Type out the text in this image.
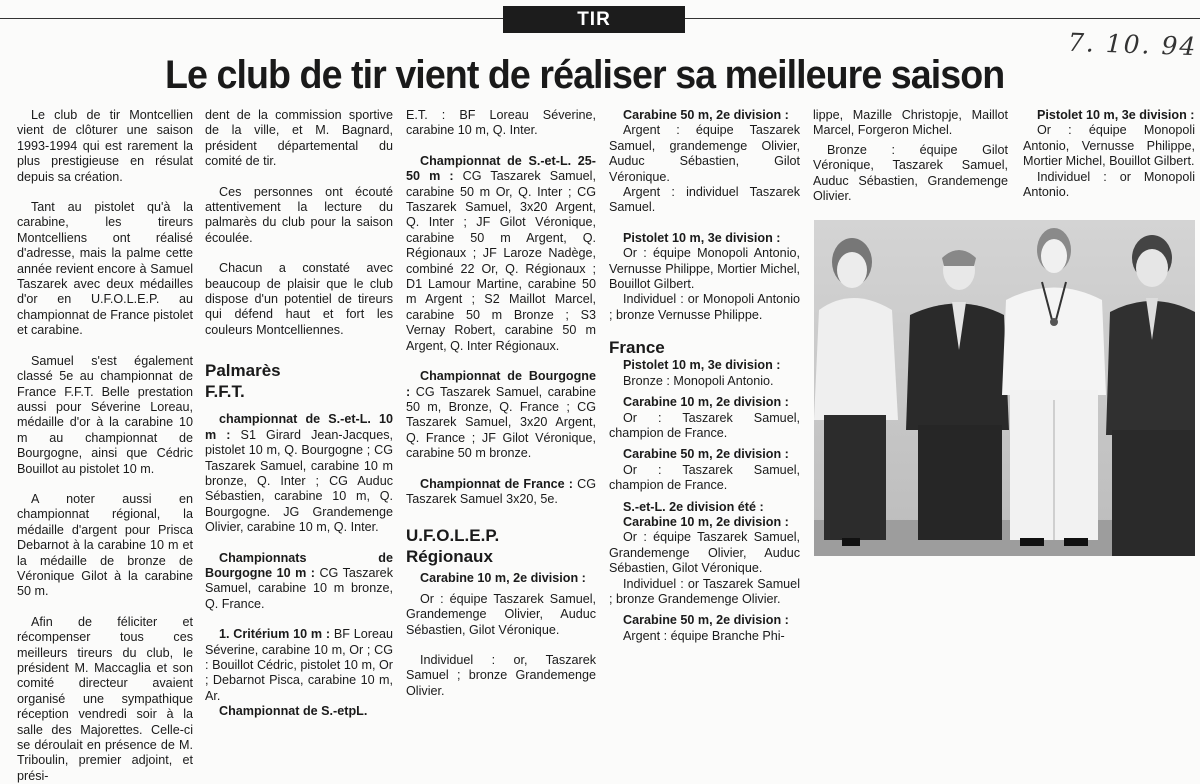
TIR
7. 10. 94
Le club de tir vient de réaliser sa meilleure saison

Le club de tir Montcellien vient de clôturer une saison 1993-1994 qui est rarement la plus prestigieuse en résulat depuis sa création.

Tant au pistolet qu'à la carabine, les tireurs Montcelliens ont réalisé d'adresse, mais la palme cette année revient encore à Samuel Taszarek avec deux médailles d'or en U.F.O.L.E.P. au championnat de France pistolet et carabine.

Samuel s'est également classé 5e au championnat de France F.F.T. Belle prestation aussi pour Séverine Loreau, médaille d'or à la carabine 10 m au championnat de Bourgogne, ainsi que Cédric Bouillot au pistolet 10 m.

A noter aussi en championnat régional, la médaille d'argent pour Prisca Debarnot à la carabine 10 m et la médaille de bronze de Véronique Gilot à la carabine 50 m.

Afin de féliciter et récompenser tous ces meilleurs tireurs du club, le président M. Maccaglia et son comité directeur avaient organisé une sympathique réception vendredi soir à la salle des Majorettes. Celle-ci se déroulait en présence de M. Triboulin, premier adjoint, et prési-

dent de la commission sportive de la ville, et M. Bagnard, président départemental du comité de tir.

Ces personnes ont écouté attentivement la lecture du palmarès du club pour la saison écoulée.

Chacun a constaté avec beaucoup de plaisir que le club dispose d'un potentiel de tireurs qui défend haut et fort les couleurs Montcelliennes.

Palmarès

F.F.T.

championnat de S.-et-L. 10 m : S1 Girard Jean-Jacques, pistolet 10 m, Q. Bourgogne ; CG Taszarek Samuel, carabine 10 m bronze, Q. Inter ; CG Auduc Sébastien, carabine 10 m, Q. Bourgogne. JG Grandemenge Olivier, carabine 10 m, Q. Inter.

Championnats de Bourgogne 10 m : CG Taszarek Samuel, carabine 10 m bronze, Q. France.

1. Critérium 10 m : BF Loreau Séverine, carabine 10 m, Or ; CG : Bouillot Cédric, pistolet 10 m, Or ; Debarnot Pisca, carabine 10 m, Ar.

Championnat de S.-etpL.

E.T. : BF Loreau Séverine, carabine 10 m, Q. Inter.

Championnat de S.-et-L. 25-50 m : CG Taszarek Samuel, carabine 50 m Or, Q. Inter ; CG Taszarek Samuel, 3x20 Argent, Q. Inter ; JF Gilot Véronique, carabine 50 m Argent, Q. Régionaux ; JF Laroze Nadège, combiné 22 Or, Q. Régionaux ; D1 Lamour Martine, carabine 50 m Argent ; S2 Maillot Marcel, carabine 50 m Bronze ; S3 Vernay Robert, carabine 50 m Argent, Q. Inter Régionaux.

Championnat de Bourgogne : CG Taszarek Samuel, carabine 50 m, Bronze, Q. France ; CG Taszarek Samuel, 3x20 Argent, Q. France ; JF Gilot Véronique, carabine 50 m bronze.

Championnat de France : CG Taszarek Samuel 3x20, 5e.

U.F.O.L.E.P.

Régionaux

Carabine 10 m, 2e division :

Or : équipe Taszarek Samuel, Grandemenge Olivier, Auduc Sébastien, Gilot Véronique.

Individuel : or, Taszarek Samuel ; bronze Grandemenge Olivier.

Carabine 50 m, 2e division :

Argent : équipe Taszarek Samuel, grandemenge Olivier, Auduc Sébastien, Gilot Véronique.

Argent : individuel Taszarek Samuel.

Pistolet 10 m, 3e division :

Or : équipe Monopoli Antonio, Vernusse Philippe, Mortier Michel, Bouillot Gilbert.

Individuel : or Monopoli Antonio ; bronze Vernusse Philippe.

France

Pistolet 10 m, 3e division :

Bronze : Monopoli Antonio.

Carabine 10 m, 2e division :

Or : Taszarek Samuel, champion de France.

Carabine 50 m, 2e division :

Or : Taszarek Samuel, champion de France.

S.-et-L. 2e division été :

Carabine 10 m, 2e division :

Or : équipe Taszarek Samuel, Grandemenge Olivier, Auduc Sébastien, Gilot Véronique.

Individuel : or Taszarek Samuel ; bronze Grandemenge Olivier.

Carabine 50 m, 2e division :

Argent : équipe Branche Phi-

lippe, Mazille Christopje, Maillot Marcel, Forgeron Michel.

Bronze : équipe Gilot Véronique, Taszarek Samuel, Auduc Sébastien, Grandemenge Olivier.

Pistolet 10 m, 3e division :

Or : équipe Monopoli Antonio, Vernusse Philippe, Mortier Michel, Bouillot Gilbert.

Individuel : or Monopoli Antonio.
